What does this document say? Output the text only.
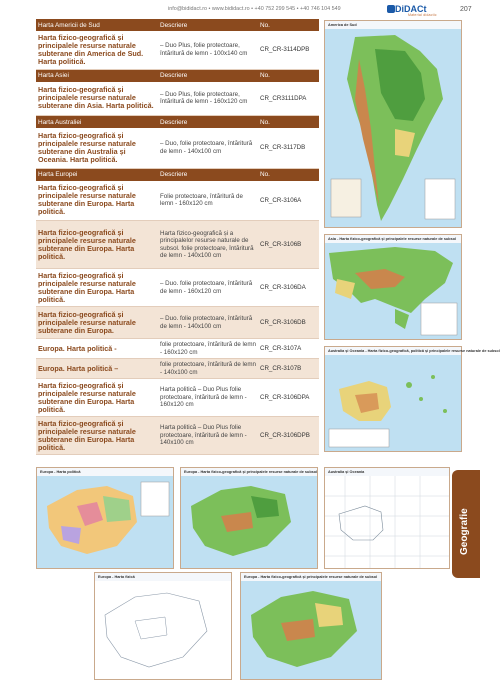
info@bididact.ro • www.bididact.ro • +40 752 299 545 • +40 746 104 549	DiDACt
Material didactic
207
Harta Americii de Sud	Descriere	No.
Harta fizico-geografică și principalele resurse naturale subterane din America de Sud. Harta politică.	– Duo Plus, folie protectoare, întăritură de lemn - 100x140 cm	CR_CR-3114DPB
Harta Asiei	Descriere	No.
Harta fizico-geografică și principalele resurse naturale subterane din Asia. Harta politică.	– Duo Plus, folie protectoare, întăritură de lemn - 160x120 cm	CR_CR3111DPA
Harta Australiei	Descriere	No.
Harta fizico-geografică și principalele resurse naturale subterane din Australia și Oceania. Harta politică.	– Duo, folie protectoare, întăritură de lemn - 140x100 cm	CR_CR-3117DB
Harta Europei	Descriere	No.
Harta fizico-geografică și principalele resurse naturale subterane din Europa. Harta politică.	Folie protectoare, întăritură de lemn - 160x120 cm	CR_CR-3106A
Harta fizico-geografică și principalele resurse naturale subterane din Europa. Harta politică.	Harta fizico-geografică și a principalelor resurse naturale de subsol. folie protectoare, întăritură de lemn - 140x100 cm	CR_CR-3106B
Harta fizico-geografică și principalele resurse naturale subterane din Europa. Harta politică.	– Duo. folie protectoare, întăritură de lemn - 160x120 cm	CR_CR-3106DA
Harta fizico-geografică și principalele resurse naturale subterane din Europa.	– Duo. folie protectoare, întăritură de lemn - 140x100 cm	CR_CR-3106DB
Europa. Harta politică -	folie protectoare, întăritură de lemn - 160x120 cm	CR_CR-3107A
Europa. Harta politică –	folie protectoare, întăritură de lemn - 140x100 cm	CR_CR-3107B
Harta fizico-geografică și principalele resurse naturale subterane din Europa. Harta politică.	Harta politică – Duo Plus folie protectoare, întăritură de lemn - 160x120 cm	CR_CR-3106DPA
Harta fizico-geografică și principalele resurse naturale subterane din Europa. Harta politică.	Harta politică – Duo Plus folie protectoare, întăritură de lemn - 140x100 cm	CR_CR-3106DPB
America de Sud
Asia - Harta fizico-geografică și principalele resurse naturale de subsol
Australia și Oceania - Harta fizico-geografică, politică și principalele resurse naturale de subsol
Europa - Harta politică	Europa - Harta fizico-geografică și principalele resurse naturale de subsol	Australia și Oceania
Europa - Harta fizică	Europa - Harta fizico-geografică și principalele resurse naturale de subsol
Geografie
